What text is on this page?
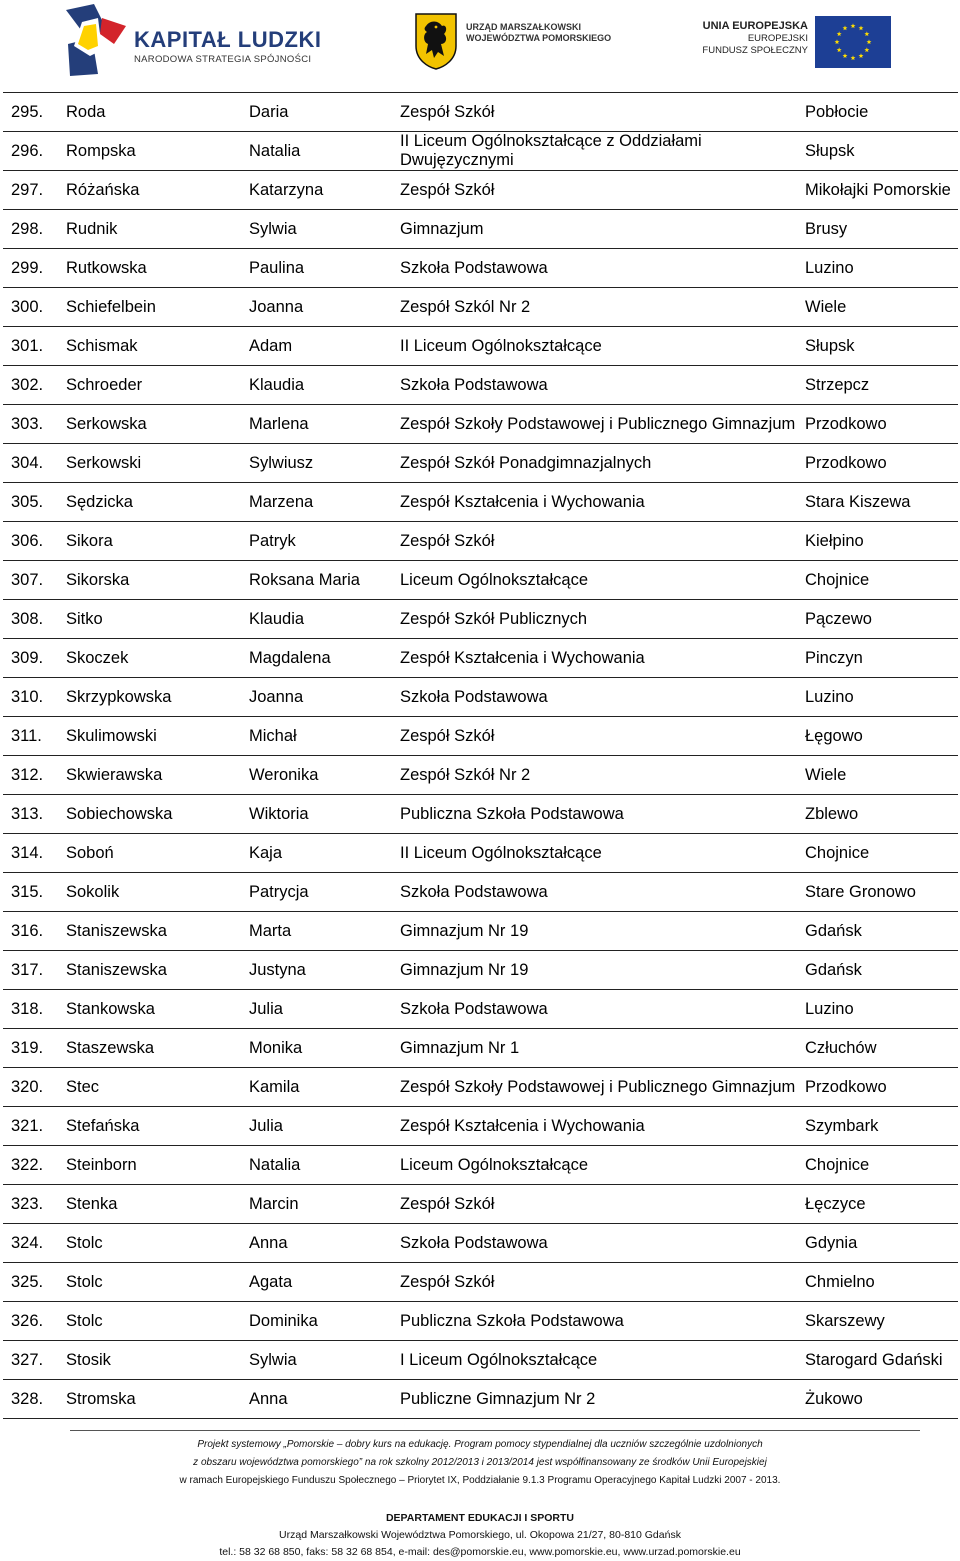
KAPITAŁ LUDZKI
NARODOWA STRATEGIA SPÓJNOŚCI
URZĄD MARSZAŁKOWSKI
WOJEWÓDZTWA POMORSKIEGO
UNIA EUROPEJSKA
EUROPEJSKI
FUNDUSZ SPOŁECZNY
295.	Roda	Daria	Zespół Szkół	Pobłocie
296.	Rompska	Natalia	II Liceum Ogólnokształcące z Oddziałami Dwujęzycznymi	Słupsk
297.	Różańska	Katarzyna	Zespół Szkół	Mikołajki Pomorskie
298.	Rudnik	Sylwia	Gimnazjum	Brusy
299.	Rutkowska	Paulina	Szkoła Podstawowa	Luzino
300.	Schiefelbein	Joanna	Zespół Szkól Nr 2	Wiele
301.	Schismak	Adam	II Liceum Ogólnokształcące	Słupsk
302.	Schroeder	Klaudia	Szkoła Podstawowa	Strzepcz
303.	Serkowska	Marlena	Zespół Szkoły Podstawowej i Publicznego Gimnazjum	Przodkowo
304.	Serkowski	Sylwiusz	Zespół Szkół Ponadgimnazjalnych	Przodkowo
305.	Sędzicka	Marzena	Zespół Kształcenia i Wychowania	Stara Kiszewa
306.	Sikora	Patryk	Zespół Szkół	Kiełpino
307.	Sikorska	Roksana Maria	Liceum Ogólnokształcące	Chojnice
308.	Sitko	Klaudia	Zespół Szkół Publicznych	Pączewo
309.	Skoczek	Magdalena	Zespół Kształcenia i Wychowania	Pinczyn
310.	Skrzypkowska	Joanna	Szkoła Podstawowa	Luzino
311.	Skulimowski	Michał	Zespół Szkół	Łęgowo
312.	Skwierawska	Weronika	Zespół Szkół Nr 2	Wiele
313.	Sobiechowska	Wiktoria	Publiczna Szkoła Podstawowa	Zblewo
314.	Soboń	Kaja	II Liceum Ogólnokształcące	Chojnice
315.	Sokolik	Patrycja	Szkoła Podstawowa	Stare Gronowo
316.	Staniszewska	Marta	Gimnazjum Nr 19	Gdańsk
317.	Staniszewska	Justyna	Gimnazjum Nr 19	Gdańsk
318.	Stankowska	Julia	Szkoła Podstawowa	Luzino
319.	Staszewska	Monika	Gimnazjum Nr 1	Człuchów
320.	Stec	Kamila	Zespół Szkoły Podstawowej i Publicznego Gimnazjum	Przodkowo
321.	Stefańska	Julia	Zespół Kształcenia i Wychowania	Szymbark
322.	Steinborn	Natalia	Liceum Ogólnokształcące	Chojnice
323.	Stenka	Marcin	Zespół Szkół	Łęczyce
324.	Stolc	Anna	Szkoła Podstawowa	Gdynia
325.	Stolc	Agata	Zespół Szkół	Chmielno
326.	Stolc	Dominika	Publiczna Szkoła Podstawowa	Skarszewy
327.	Stosik	Sylwia	I Liceum Ogólnokształcące	Starogard Gdański
328.	Stromska	Anna	Publiczne Gimnazjum Nr 2	Żukowo
Projekt systemowy „Pomorskie – dobry kurs na edukację. Program pomocy stypendialnej dla uczniów szczególnie uzdolnionych
z obszaru województwa pomorskiego” na rok szkolny 2012/2013 i 2013/2014 jest współfinansowany ze środków Unii Europejskiej
w ramach Europejskiego Funduszu Społecznego – Priorytet IX, Poddziałanie 9.1.3 Programu Operacyjnego Kapitał Ludzki 2007 - 2013.
DEPARTAMENT EDUKACJI I SPORTU
Urząd Marszałkowski Województwa Pomorskiego, ul. Okopowa 21/27, 80-810 Gdańsk
tel.: 58 32 68 850, faks: 58 32 68 854, e-mail: des@pomorskie.eu, www.pomorskie.eu, www.urzad.pomorskie.eu
